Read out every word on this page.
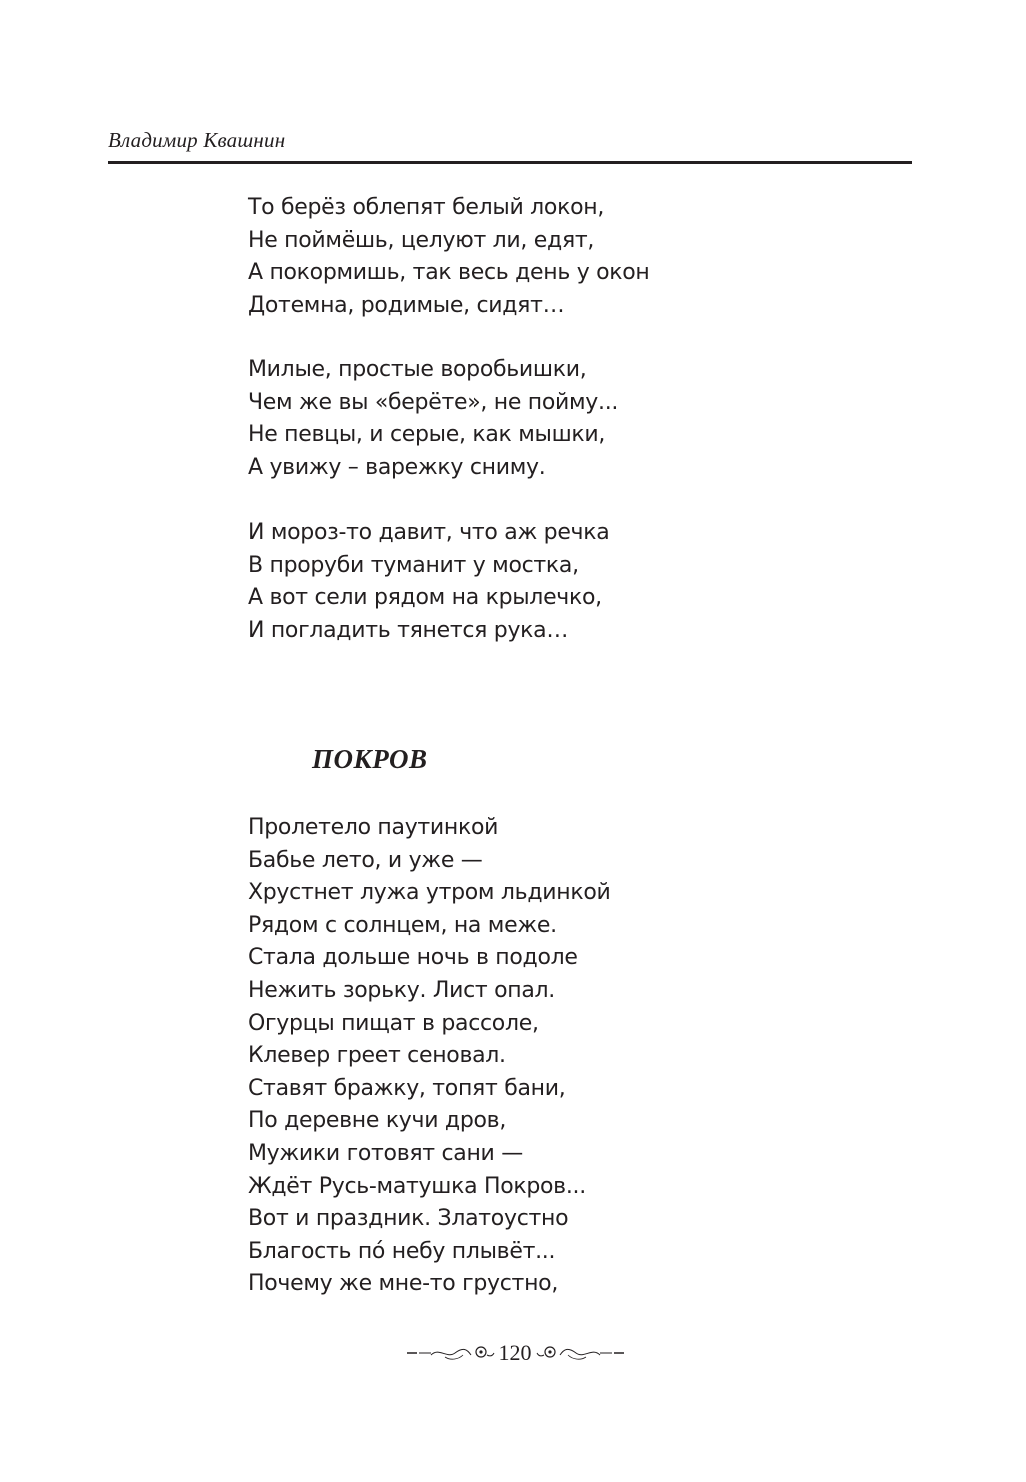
Владимир Квашнин
То берёз облепят белый локон,
Не поймёшь, целуют ли, едят,
А покормишь, так весь день у окон
Дотемна, родимые, сидят…
Милые, простые воробьишки,
Чем же вы «берёте», не пойму...
Не певцы, и серые, как мышки,
А увижу – варежку сниму.
И мороз-то давит, что аж речка
В проруби туманит у мостка,
А вот сели рядом на крылечко,
И погладить тянется рука…
ПОКРОВ
Пролетело паутинкой
Бабье лето, и уже —
Хрустнет лужа утром льдинкой
Рядом с солнцем, на меже.
Стала дольше ночь в подоле
Нежить зорьку. Лист опал.
Огурцы пищат в рассоле,
Клевер греет сеновал.
Ставят бражку, топят бани,
По деревне кучи дров,
Мужики готовят сани —
Ждёт Русь-матушка Покров...
Вот и праздник. Златоустно
Благость по́ небу плывёт...
Почему же мне-то грустно,
120
